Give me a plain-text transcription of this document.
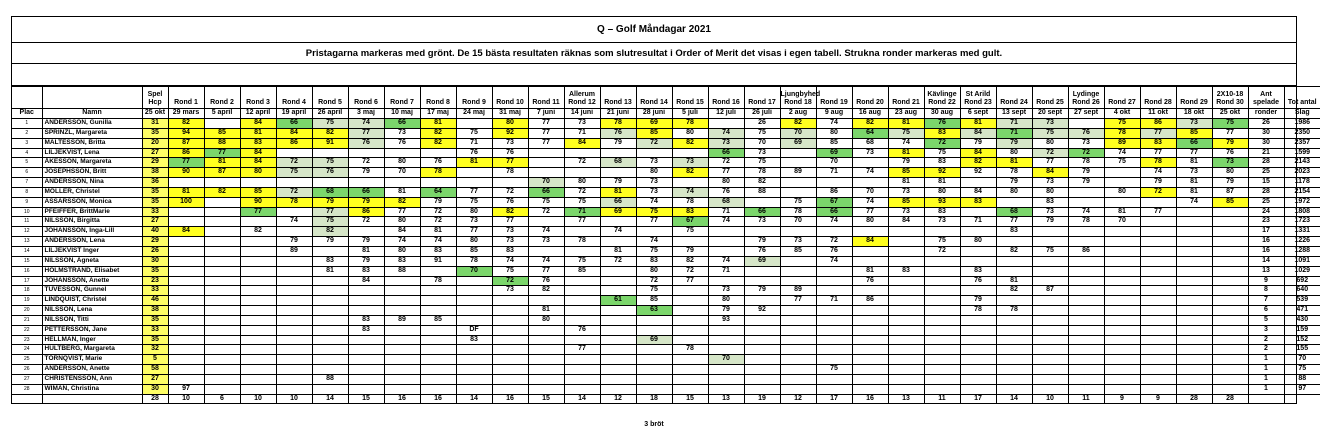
Q – Golf Måndagar 2021
Pristagarna markeras med grönt. De 15 bästa resultaten räknas som slutresultat i Order of Merit det visas i egen tabell. Strukna ronder markeras med gult.
		Spel Hcp	Rond 1	Rond 2	Rond 3	Rond 4	Rond 5	Rond 6	Rond 7	Rond 8	Rond 9	Rond 10	Rond 11	Allerum Rond 12	Rond 13	Rond 14	Rond 15	Rond 16	Rond 17	Ljungbyhed Rond 18	Rond 19	Rond 20	Rond 21	Kävlinge Rond 22	St Arild Rond 23	Rond 24	Rond 25	Lydinge Rond 26	Rond 27	Rond 28	Rond 29	2X10-18 Rond 30	Ant spelade	Tot antal
Plac	Namn	25 okt	29 mars	5 april	12 april	19 april	26 april	3 maj	10 maj	17 maj	24 maj	31 maj	7 juni	14 juni	21 juni	28 juni	5 juli	12 juli	26 juli	2 aug	9 aug	16 aug	23 aug	30 aug	6 sept	13 sept	20 sept	27 sept	4 okt	11 okt	18 okt	25 okt	ronder	Slag
1	ANDERSSON, Gunilla	31	82		84	66	75	74	66	81		80	77	73	78	69	78		26	82	74	82	81	76	81	71	73		75	86	73	75	26	1986
2	SPRINZL, Margareta	35	94	85	81	84	82	77	73	82	75	92	77	71	76	85	80	74	75	70	80	64	75	83	84	71	75	76	78	77	85	77	30	2350
3	MALTESSON, Britta	20	87	88	83	86	91	76	76	82	71	73	77	84	79	72	82	73	70	69	85	68	74	72	79	79	80	73	89	83	66	79	30	2357
4	LILJEKVIST, Lena	27	86	77	84						76	76						66	73		69	73	81	75	84	80	72	72	74	77	77	76	21	1599
5	ÅKESSON, Margareta	29	77	81	84	72	75	72	80	76	81	77		72	68	73	73	72	75		70		79	83	82	81	77	78	75	78	81	73	28	2143
6	JOSEPHSSON, Britt	38	90	87	80	75	76	79	70	78		78				80	82	77	78	89	71	74	85	92	92	78	84	79		74	73	80	25	2023
7	ANDERSSON, Nina	36											70	80	79	73		80	82				81	81		79	73	79		79	81	79	15	1178
8	MÖLLER, Christel	35	81	82	85	72	68	66	81	64	77	72	66	72	81	73	74	76	88		86	70	73	80	84	80	80		80	72	81	87	28	2154
9	ASSARSSON, Monica	35	100		90	78	79	79	82	79	75	76	75	75	66	74	78	68		75	67	74	85	93	83		83				74	85	25	1972
10	PFEIFFER, BrittMarie	33			77		77	86	77	72	80	82	72	71	69	75	83	71	66	78	66	77	73	83		68	73	74	81	77			24	1808
11	NILSSON, Birgitta	27				74	75	72	80	72	73	77		77		77	67	74	73	70	74	80	84	73	71	77	79	78	70				23	1723
12	JOHANSSON, Inga-Lill	40	84		82		82		84	81	77	73	74		74		75									83							17	1331
13	ANDERSSON, Lena	29				79	79	79	74	74	80	73	73	78		74			79	73	72	84		75	80								16	1226
14	LILJEKVIST Inger	26				89		81	80	83	85	83			81	75	79		76	85	76			72		82	75	86					16	1288
15	NILSSON, Agneta	30					83	79	83	91	78	74	74	75	72	83	82	74	69		74												14	1091
16	HOLMSTRAND, Elisabet	35					81	83	88		70	75	77	85		80	72	71				81	83		83								13	1029
17	JOHANSSON, Anette	23						84		78		72	76			72	77					76			76	81							9	692
18	TUVESSON, Gunnel	33										73	82			75		73	79	89						82	87						8	640
19	LINDQUIST, Christel	46													61	85		80		77	71	86			79								7	539
20	NILSSON, Lena	38											81			63		79	92						78	78							6	471
21	NILSSON, Titti	35						83	89	85			80					93															5	430
22	PETTERSSON, Jane	33						83			DF			76																			3	159
23	HELLMAN, Inger	35									83					69																	2	152
24	HULTBERG, Margareta	32												77			78																2	155
25	TÖRNQVIST, Marie	5																70															1	70
26	ANDERSSON, Anette	58																			75												1	75
27	CHRISTENSSON, Ann	27					88																										1	88
28	WIMAN, Christina	30	97																														1	97
		28	10	6	10	10	14	15	16	16	14	16	15	14	12	18	15	13	19	12	17	16	13	11	17	14	10	11	9	9	28	28		
3 bröt
